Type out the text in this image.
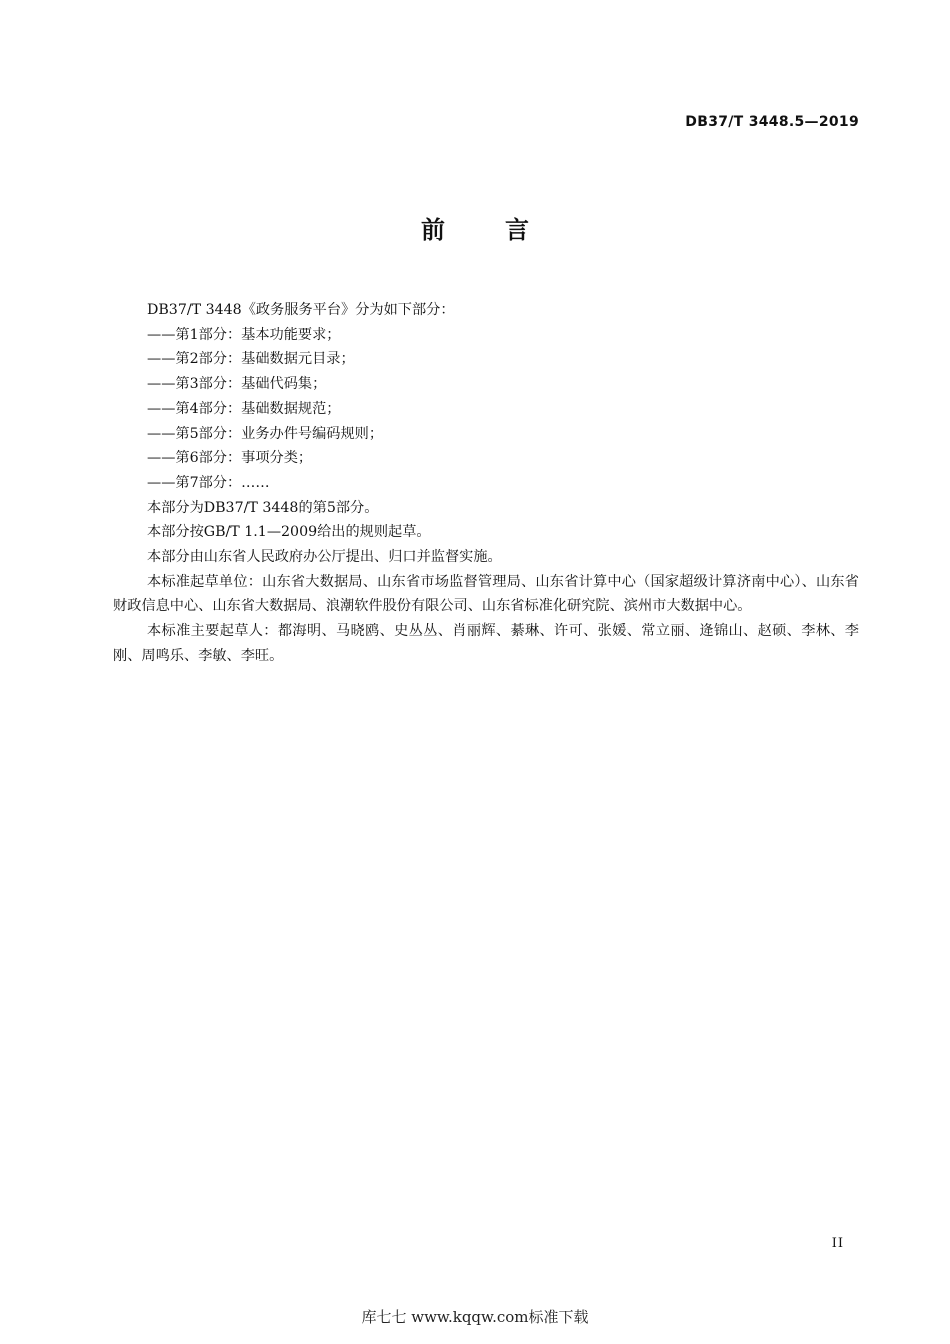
DB37/T 3448.5—2019
前言

DB37/T 3448《政务服务平台》分为如下部分：

——第1部分：基本功能要求；

——第2部分：基础数据元目录；

——第3部分：基础代码集；

——第4部分：基础数据规范；

——第5部分：业务办件号编码规则；

——第6部分：事项分类；

——第7部分：……

本部分为DB37/T 3448的第5部分。

本部分按GB/T 1.1—2009给出的规则起草。

本部分由山东省人民政府办公厅提出、归口并监督实施。

本标准起草单位：山东省大数据局、山东省市场监督管理局、山东省计算中心（国家超级计算济南中心）、山东省财政信息中心、山东省大数据局、浪潮软件股份有限公司、山东省标准化研究院、滨州市大数据中心。

本标准主要起草人：都海明、马晓鸥、史丛丛、肖丽辉、綦琳、许可、张媛、常立丽、逄锦山、赵硕、李林、李刚、周鸣乐、李敏、李旺。

II
库七七 www.kqqw.com标准下载
